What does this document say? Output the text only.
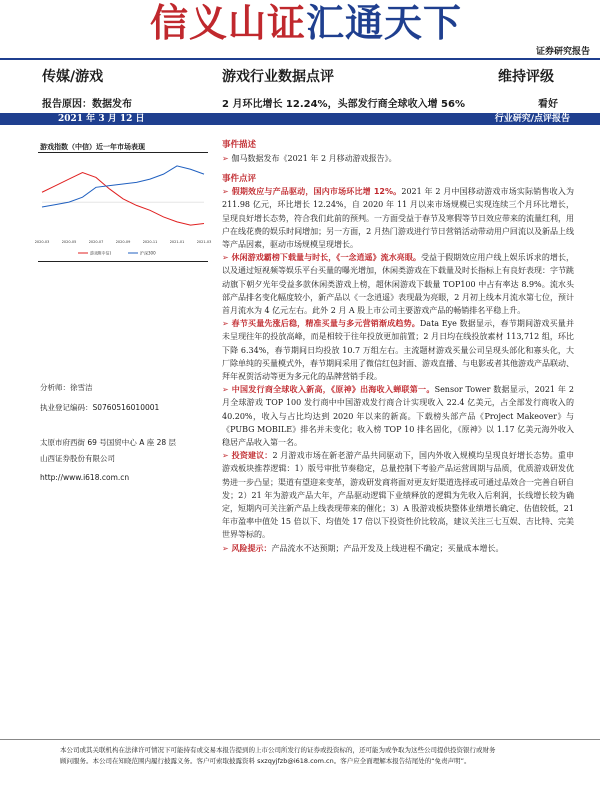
信义山证汇通天下
证券研究报告
传媒/游戏	游戏行业数据点评	维持评级
报告原因：数据发布	2 月环比增长 12.24%，头部发行商全球收入增 56%	看好
2021 年 3 月 12 日	行业研究/点评报告
游戏指数（中信）近一年市场表现
2020-03	2020-05	2020-07	2020-09	2020-11	2021-01	2021-03
游戏Ⅱ(中信)	沪深300
分析师：徐雪洁
执业登记编码：S0760516010001
太原市府西街 69 号国贸中心 A 座 28 层
山西证券股份有限公司
http://www.i618.com.cn
事件描述

➢ 伽马数据发布《2021 年 2 月移动游戏报告》。

事件点评

➢ 假期效应与产品驱动，国内市场环比增 12%。2021 年 2 月中国移动游戏市场实际销售收入为 211.98 亿元，环比增长 12.24%，自 2020 年 11 月以来市场规模已实现连续三个月环比增长，呈现良好增长态势，符合我们此前的预判。一方面受益于春节及寒假等节日效应带来的流量红利，用户在线花费的娱乐时间增加；另一方面，2 月热门游戏进行节日营销活动带动用户回流以及新品上线等产品因素，驱动市场规模呈现增长。

➢ 休闲游戏霸榜下载量与时长，《一念逍遥》流水亮眼。受益于假期效应用户线上娱乐诉求的增长，以及通过短视频等娱乐平台买量的曝光增加，休闲类游戏在下载量及时长指标上有良好表现：字节跳动旗下朝夕光年受益多款休闲类游戏上榜，超休闲游戏下载量 TOP100 中占有率达 8.9%。流水头部产品排名变化幅度较小，新产品以《一念逍遥》表现最为亮眼，2 月初上线本月流水第七位，预计首月流水为 4 亿元左右。此外 2 月 A 股上市公司主要游戏产品的畅销排名平稳上升。

➢ 春节买量先涨后稳，精准买量与多元营销渐成趋势。Data Eye 数据显示，春节期间游戏买量并未呈现往年的投放高峰，而是相较于往年投放更加前置；2 月日均在线投放素材 113,712 组，环比下降 6.34%，春节期间日均投放 10.7 万组左右。主流题材游戏买量公司呈现头部化和寡头化，大厂除单纯的买量模式外，春节期间采用了微信红包封面、游戏直播、与电影或者其他游戏产品联动、拜年祝贺活动等更为多元化的品牌营销手段。

➢ 中国发行商全球收入新高，《原神》出海收入蝉联第一。Sensor Tower 数据显示，2021 年 2 月全球游戏 TOP 100 发行商中中国游戏发行商合计实现收入 22.4 亿美元，占全部发行商收入的 40.20%，收入与占比均达到 2020 年以来的新高。下载榜头部产品《Project Makeover》与《PUBG MOBILE》排名并未变化；收入榜 TOP 10 排名固化，《原神》以 1.17 亿美元海外收入稳居产品收入第一名。

➢ 投资建议：2 月游戏市场在新老游产品共同驱动下，国内外收入规模均呈现良好增长态势。重申游戏板块推荐逻辑：1）版号审批节奏稳定，总量控制下考验产品运营周期与品质，优质游戏研发优势进一步凸显；渠道有望迎来变革，游戏研发商将面对更友好渠道选择或可通过品效合一完善自研自发；2）21 年为游戏产品大年，产品驱动逻辑下业绩释放的逻辑为先收入后利润，长线增长较为确定，短期内可关注新产品上线表现带来的催化；3）A 股游戏板块整体业绩增长确定、估值较低，21 年市盈率中值处 15 倍以下、均值处 17 倍以下投资性价比较高，建议关注三七互娱、吉比特、完美世界等标的。

➢ 风险提示：产品流水不达预期；产品开发及上线进程不确定；买量成本增长。

本公司或其关联机构在法律许可情况下可能持有或交易本报告提到的上市公司所发行的证券或投资标的，还可能为或争取为这些公司提供投资银行或财务
顾问服务。本公司在知晓范围内履行披露义务。客户可索取披露资料 sxzqyjfzb@i618.com.cn。客户应全面理解本报告结尾处的“免责声明”。
